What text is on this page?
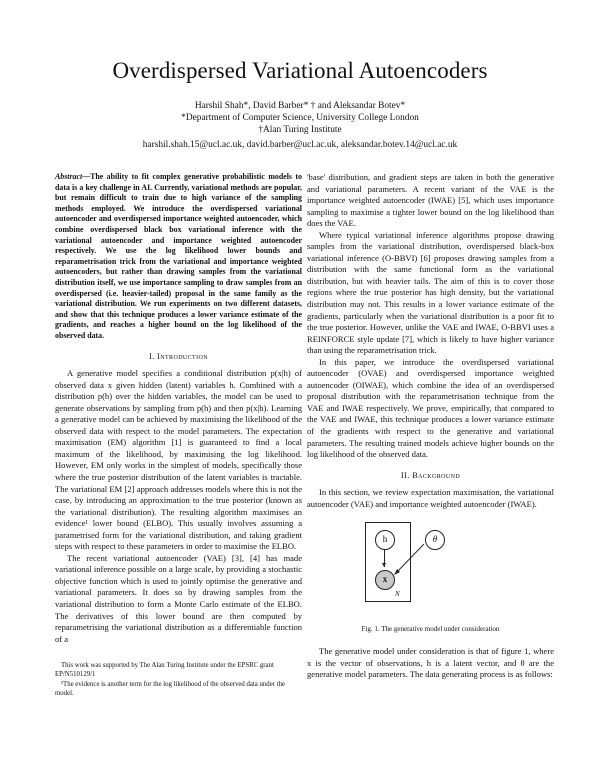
Overdispersed Variational Autoencoders
Harshil Shah*, David Barber* † and Aleksandar Botev*
*Department of Computer Science, University College London
†Alan Turing Institute
harshil.shah.15@ucl.ac.uk, david.barber@ucl.ac.uk, aleksandar.botev.14@ucl.ac.uk
Abstract—The ability to fit complex generative probabilistic models to data is a key challenge in AI. Currently, variational methods are popular, but remain difficult to train due to high variance of the sampling methods employed. We introduce the overdispersed variational autoencoder and overdispersed importance weighted autoencoder, which combine overdispersed black box variational inference with the variational autoencoder and importance weighted autoencoder respectively. We use the log likelihood lower bounds and reparametrisation trick from the variational and importance weighted autoencoders, but rather than drawing samples from the variational distribution itself, we use importance sampling to draw samples from an overdispersed (i.e. heavier-tailed) proposal in the same family as the variational distribution. We run experiments on two different datasets, and show that this technique produces a lower variance estimate of the gradients, and reaches a higher bound on the log likelihood of the observed data.
I. Introduction

A generative model specifies a conditional distribution p(x|h) of observed data x given hidden (latent) variables h. Combined with a distribution p(h) over the hidden variables, the model can be used to generate observations by sampling from p(h) and then p(x|h). Learning a generative model can be achieved by maximising the likelihood of the observed data with respect to the model parameters. The expectation maximisation (EM) algorithm [1] is guaranteed to find a local maximum of the likelihood, by maximising the log likelihood. However, EM only works in the simplest of models, specifically those where the true posterior distribution of the latent variables is tractable. The variational EM [2] approach addresses models where this is not the case, by introducing an approximation to the true posterior (known as the variational distribution). The resulting algorithm maximises an evidence¹ lower bound (ELBO). This usually involves assuming a parametrised form for the variational distribution, and taking gradient steps with respect to these parameters in order to maximise the ELBO.

The recent variational autoencoder (VAE) [3], [4] has made variational inference possible on a large scale, by providing a stochastic objective function which is used to jointly optimise the generative and variational parameters. It does so by drawing samples from the variational distribution to form a Monte Carlo estimate of the ELBO. The derivatives of this lower bound are then computed by reparametrising the variational distribution as a differentiable function of a

'base' distribution, and gradient steps are taken in both the generative and variational parameters. A recent variant of the VAE is the importance weighted autoencoder (IWAE) [5], which uses importance sampling to maximise a tighter lower bound on the log likelihood than does the VAE.

Where typical variational inference algorithms propose drawing samples from the variational distribution, overdispersed black-box variational inference (O-BBVI) [6] proposes drawing samples from a distribution with the same functional form as the variational distribution, but with heavier tails. The aim of this is to cover those regions where the true posterior has high density, but the variational distribution may not. This results in a lower variance estimate of the gradients, particularly when the variational distribution is a poor fit to the true posterior. However, unlike the VAE and IWAE, O-BBVI uses a REINFORCE style update [7], which is likely to have higher variance than using the reparametrisation trick.

In this paper, we introduce the overdispersed variational autoencoder (OVAE) and overdispersed importance weighted autoencoder (OIWAE), which combine the idea of an overdispersed proposal distribution with the reparametrisation technique from the VAE and IWAE respectively. We prove, empirically, that compared to the VAE and IWAE, this technique produces a lower variance estimate of the gradients with respect to the generative and variational parameters. The resulting trained models achieve higher bounds on the log likelihood of the observed data.

II. Background

In this section, we review expectation maximisation, the variational autoencoder (VAE) and importance weighted autoencoder (IWAE).

h	θ
x
N
Fig. 1. The generative model under consideration

The generative model under consideration is that of figure 1, where x is the vector of observations, h is a latent vector, and θ are the generative model parameters. The data generating process is as follows:

This work was supported by The Alan Turing Institute under the EPSRC grant EP/N510129/1

¹The evidence is another term for the log likelihood of the observed data under the model.
